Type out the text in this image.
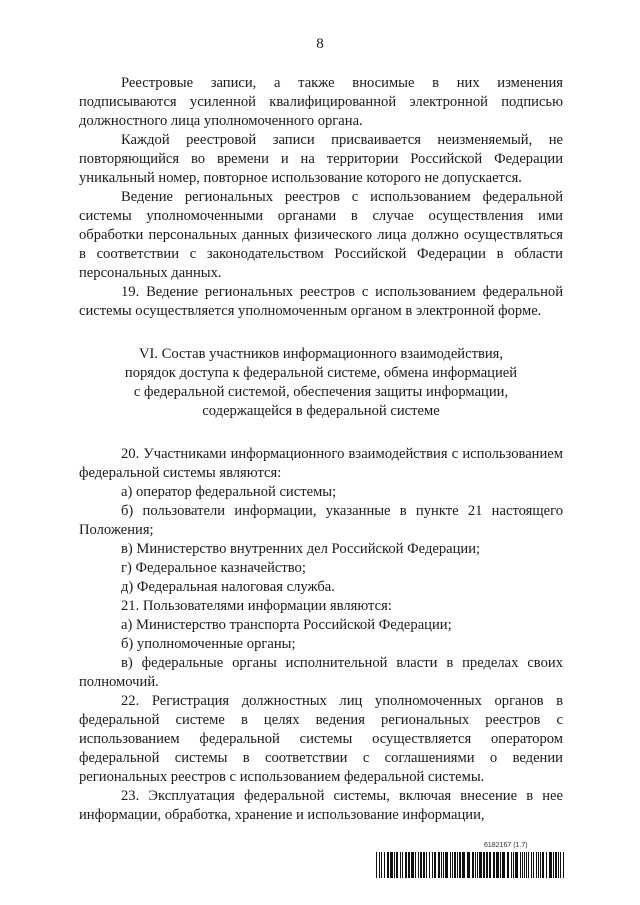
8

Реестровые записи, а также вносимые в них изменения подписываются усиленной квалифицированной электронной подписью должностного лица уполномоченного органа.

Каждой реестровой записи присваивается неизменяемый, не повторяющийся во времени и на территории Российской Федерации уникальный номер, повторное использование которого не допускается.

Ведение региональных реестров с использованием федеральной системы уполномоченными органами в случае осуществления ими обработки персональных данных физического лица должно осуществляться в соответствии с законодательством Российской Федерации в области персональных данных.

19. Ведение региональных реестров с использованием федеральной системы осуществляется уполномоченным органом в электронной форме.

VI. Состав участников информационного взаимодействия,
порядок доступа к федеральной системе, обмена информацией
с федеральной системой, обеспечения защиты информации,
содержащейся в федеральной системе

20. Участниками информационного взаимодействия с использованием федеральной системы являются:

а) оператор федеральной системы;

б) пользователи информации, указанные в пункте 21 настоящего Положения;

в) Министерство внутренних дел Российской Федерации;

г) Федеральное казначейство;

д) Федеральная налоговая служба.

21. Пользователями информации являются:

а) Министерство транспорта Российской Федерации;

б) уполномоченные органы;

в) федеральные органы исполнительной власти в пределах своих полномочий.

22. Регистрация должностных лиц уполномоченных органов в федеральной системе в целях ведения региональных реестров с использованием федеральной системы осуществляется оператором федеральной системы в соответствии с соглашениями о ведении региональных реестров с использованием федеральной системы.

23. Эксплуатация федеральной системы, включая внесение в нее информации, обработка, хранение и использование информации,

6182167 (1.7)
